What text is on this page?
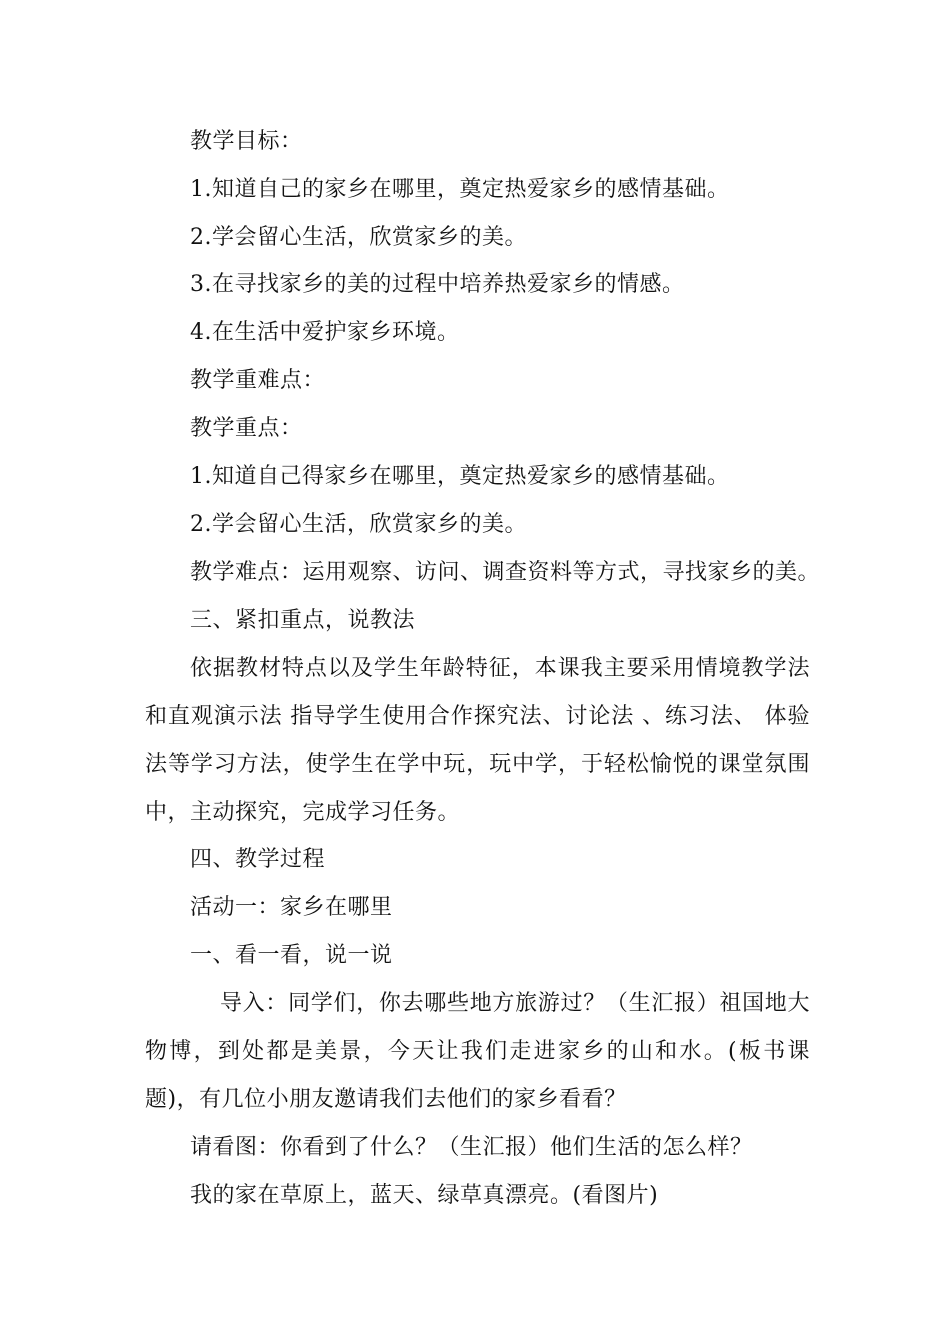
教学目标：
1.知道自己的家乡在哪里，奠定热爱家乡的感情基础。
2.学会留心生活，欣赏家乡的美。
3.在寻找家乡的美的过程中培养热爱家乡的情感。
4.在生活中爱护家乡环境。
教学重难点：
教学重点：
1.知道自己得家乡在哪里，奠定热爱家乡的感情基础。
2.学会留心生活，欣赏家乡的美。
教学难点：运用观察、访问、调查资料等方式，寻找家乡的美。
三、紧扣重点，说教法
依据教材特点以及学生年龄特征，本课我主要采用情境教学法和直观演示法 指导学生使用合作探究法、讨论法 、练习法、 体验法等学习方法，使学生在学中玩，玩中学，于轻松愉悦的课堂氛围中，主动探究，完成学习任务。
四、教学过程
活动一：家乡在哪里
一、看一看，说一说
导入：同学们，你去哪些地方旅游过？（生汇报）祖国地大物博，到处都是美景，今天让我们走进家乡的山和水。(板书课题)，有几位小朋友邀请我们去他们的家乡看看？
请看图：你看到了什么？（生汇报）他们生活的怎么样？
我的家在草原上，蓝天、绿草真漂亮。(看图片)
